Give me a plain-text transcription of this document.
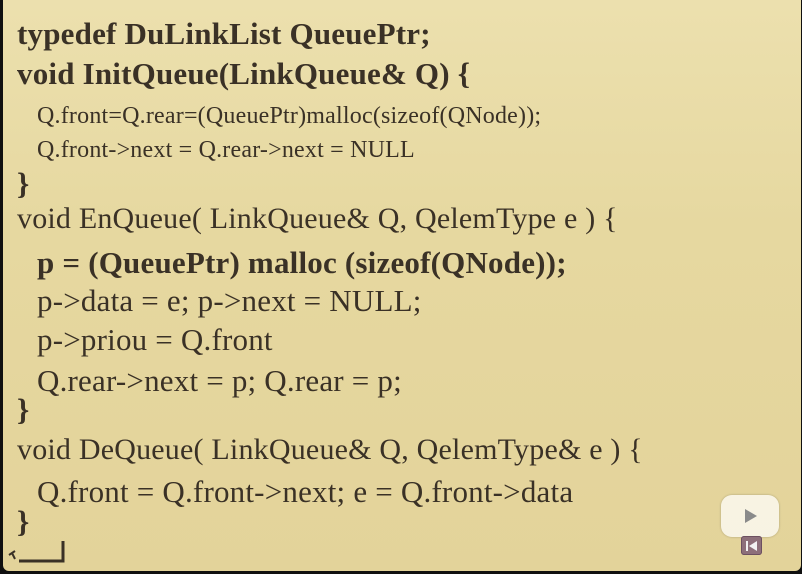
typedef DuLinkList QueuePtr;
void InitQueue(LinkQueue& Q) {
Q.front=Q.rear=(QueuePtr)malloc(sizeof(QNode));
Q.front->next = Q.rear->next = NULL
}
void EnQueue( LinkQueue& Q, QelemType e ) {
p = (QueuePtr) malloc (sizeof(QNode));
p->data = e; p->next = NULL;
p->priou = Q.front
Q.rear->next = p; Q.rear = p;
}
void DeQueue( LinkQueue& Q, QelemType& e ) {
Q.front = Q.front->next; e = Q.front->data
}
